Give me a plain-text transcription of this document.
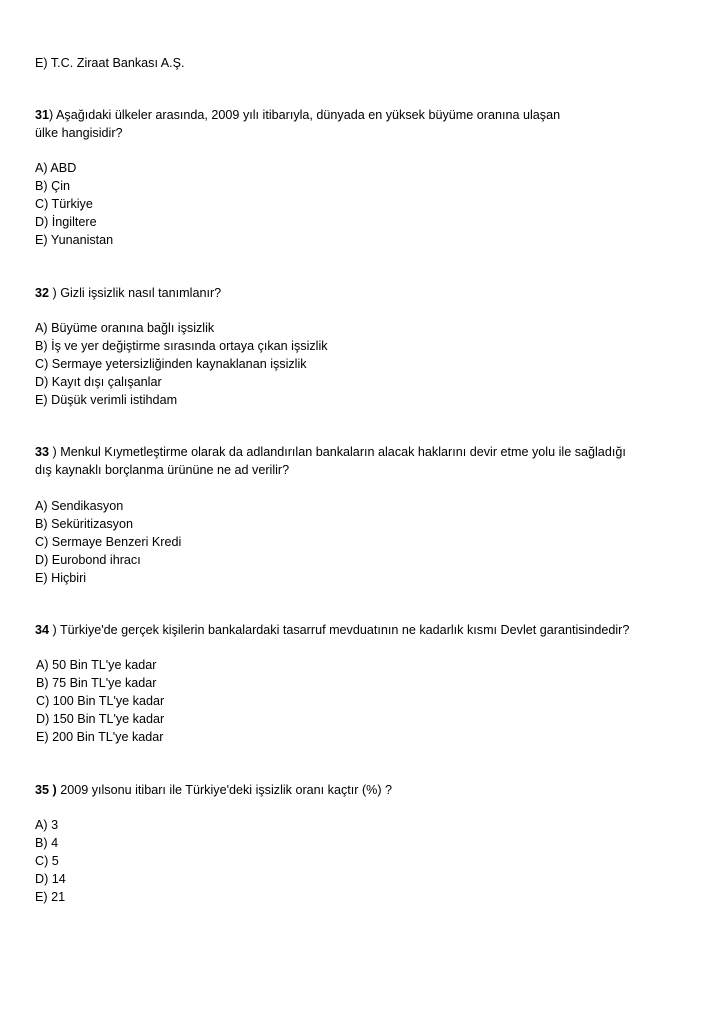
E) T.C. Ziraat Bankası A.Ş.

31) Aşağıdaki ülkeler arasında, 2009 yılı itibarıyla, dünyada en yüksek büyüme oranına ulaşan

ülke hangisidir?

A) ABD

B) Çin

C) Türkiye

D) İngiltere

E) Yunanistan

32 ) Gizli işsizlik nasıl tanımlanır?

A) Büyüme oranına bağlı işsizlik

B) İş ve yer değiştirme sırasında ortaya çıkan işsizlik

C) Sermaye yetersizliğinden kaynaklanan işsizlik

D) Kayıt dışı çalışanlar

E) Düşük verimli istihdam

33 ) Menkul Kıymetleştirme olarak da adlandırılan bankaların alacak haklarını devir etme yolu ile sağladığı

dış kaynaklı borçlanma ürününe ne ad verilir?

A) Sendikasyon

B) Seküritizasyon

C) Sermaye Benzeri Kredi

D) Eurobond ihracı

E) Hiçbiri

34 ) Türkiye'de gerçek kişilerin bankalardaki tasarruf mevduatının ne kadarlık kısmı Devlet garantisindedir?

A) 50 Bin TL'ye kadar

B) 75 Bin TL'ye kadar

C) 100 Bin TL'ye kadar

D) 150 Bin TL'ye kadar

E) 200 Bin TL'ye kadar

35 ) 2009 yılsonu itibarı ile Türkiye'deki işsizlik oranı kaçtır (%) ?

A) 3

B) 4

C) 5

D) 14

E) 21
